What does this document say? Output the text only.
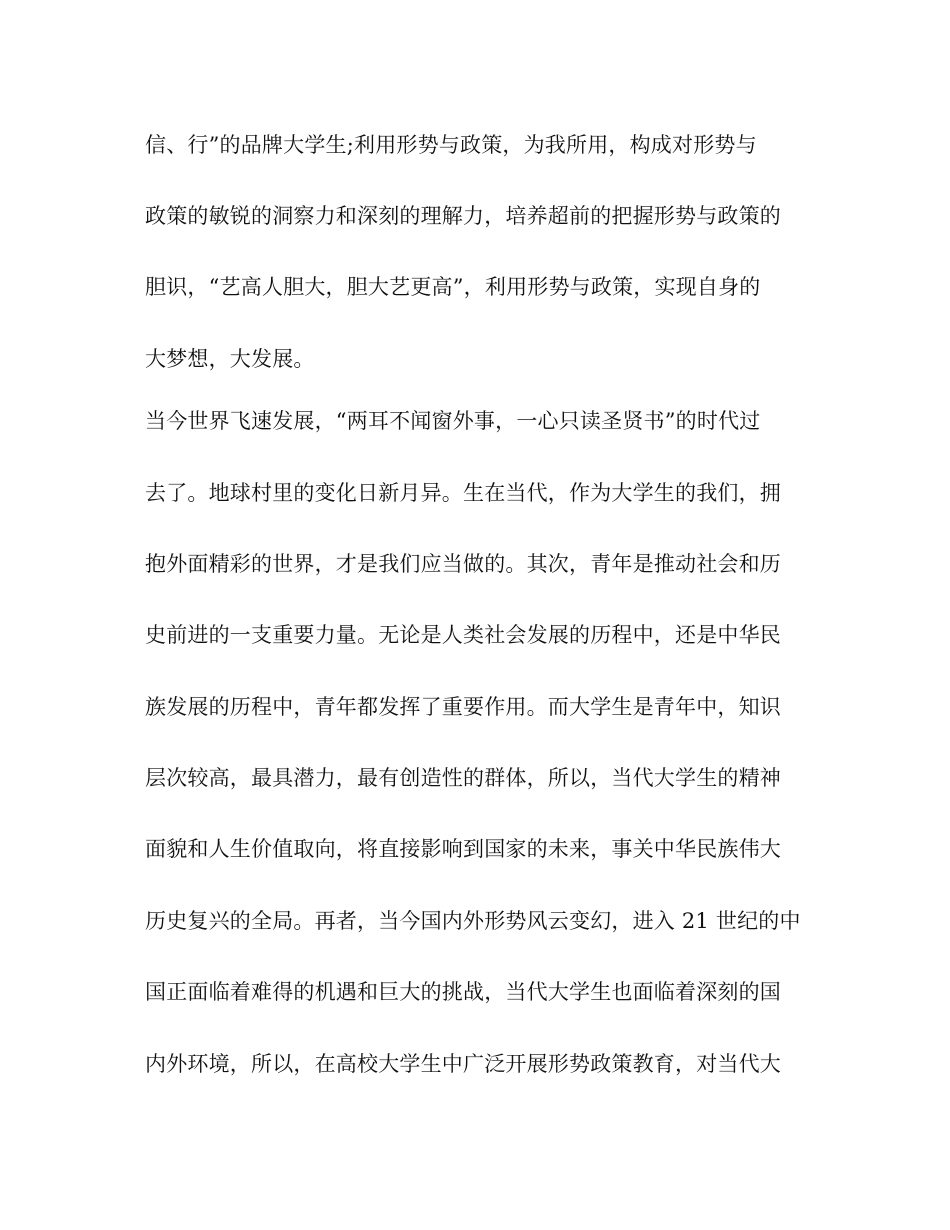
信、行”的品牌大学生;利用形势与政策，为我所用，构成对形势与
政策的敏锐的洞察力和深刻的理解力，培养超前的把握形势与政策的
胆识，“艺高人胆大，胆大艺更高”，利用形势与政策，实现自身的
大梦想，大发展。
当今世界飞速发展，“两耳不闻窗外事，一心只读圣贤书”的时代过
去了。地球村里的变化日新月异。生在当代，作为大学生的我们，拥
抱外面精彩的世界，才是我们应当做的。其次，青年是推动社会和历
史前进的一支重要力量。无论是人类社会发展的历程中，还是中华民
族发展的历程中，青年都发挥了重要作用。而大学生是青年中，知识
层次较高，最具潜力，最有创造性的群体，所以，当代大学生的精神
面貌和人生价值取向，将直接影响到国家的未来，事关中华民族伟大
历史复兴的全局。再者，当今国内外形势风云变幻，进入 21 世纪的中
国正面临着难得的机遇和巨大的挑战，当代大学生也面临着深刻的国
内外环境，所以，在高校大学生中广泛开展形势政策教育，对当代大
